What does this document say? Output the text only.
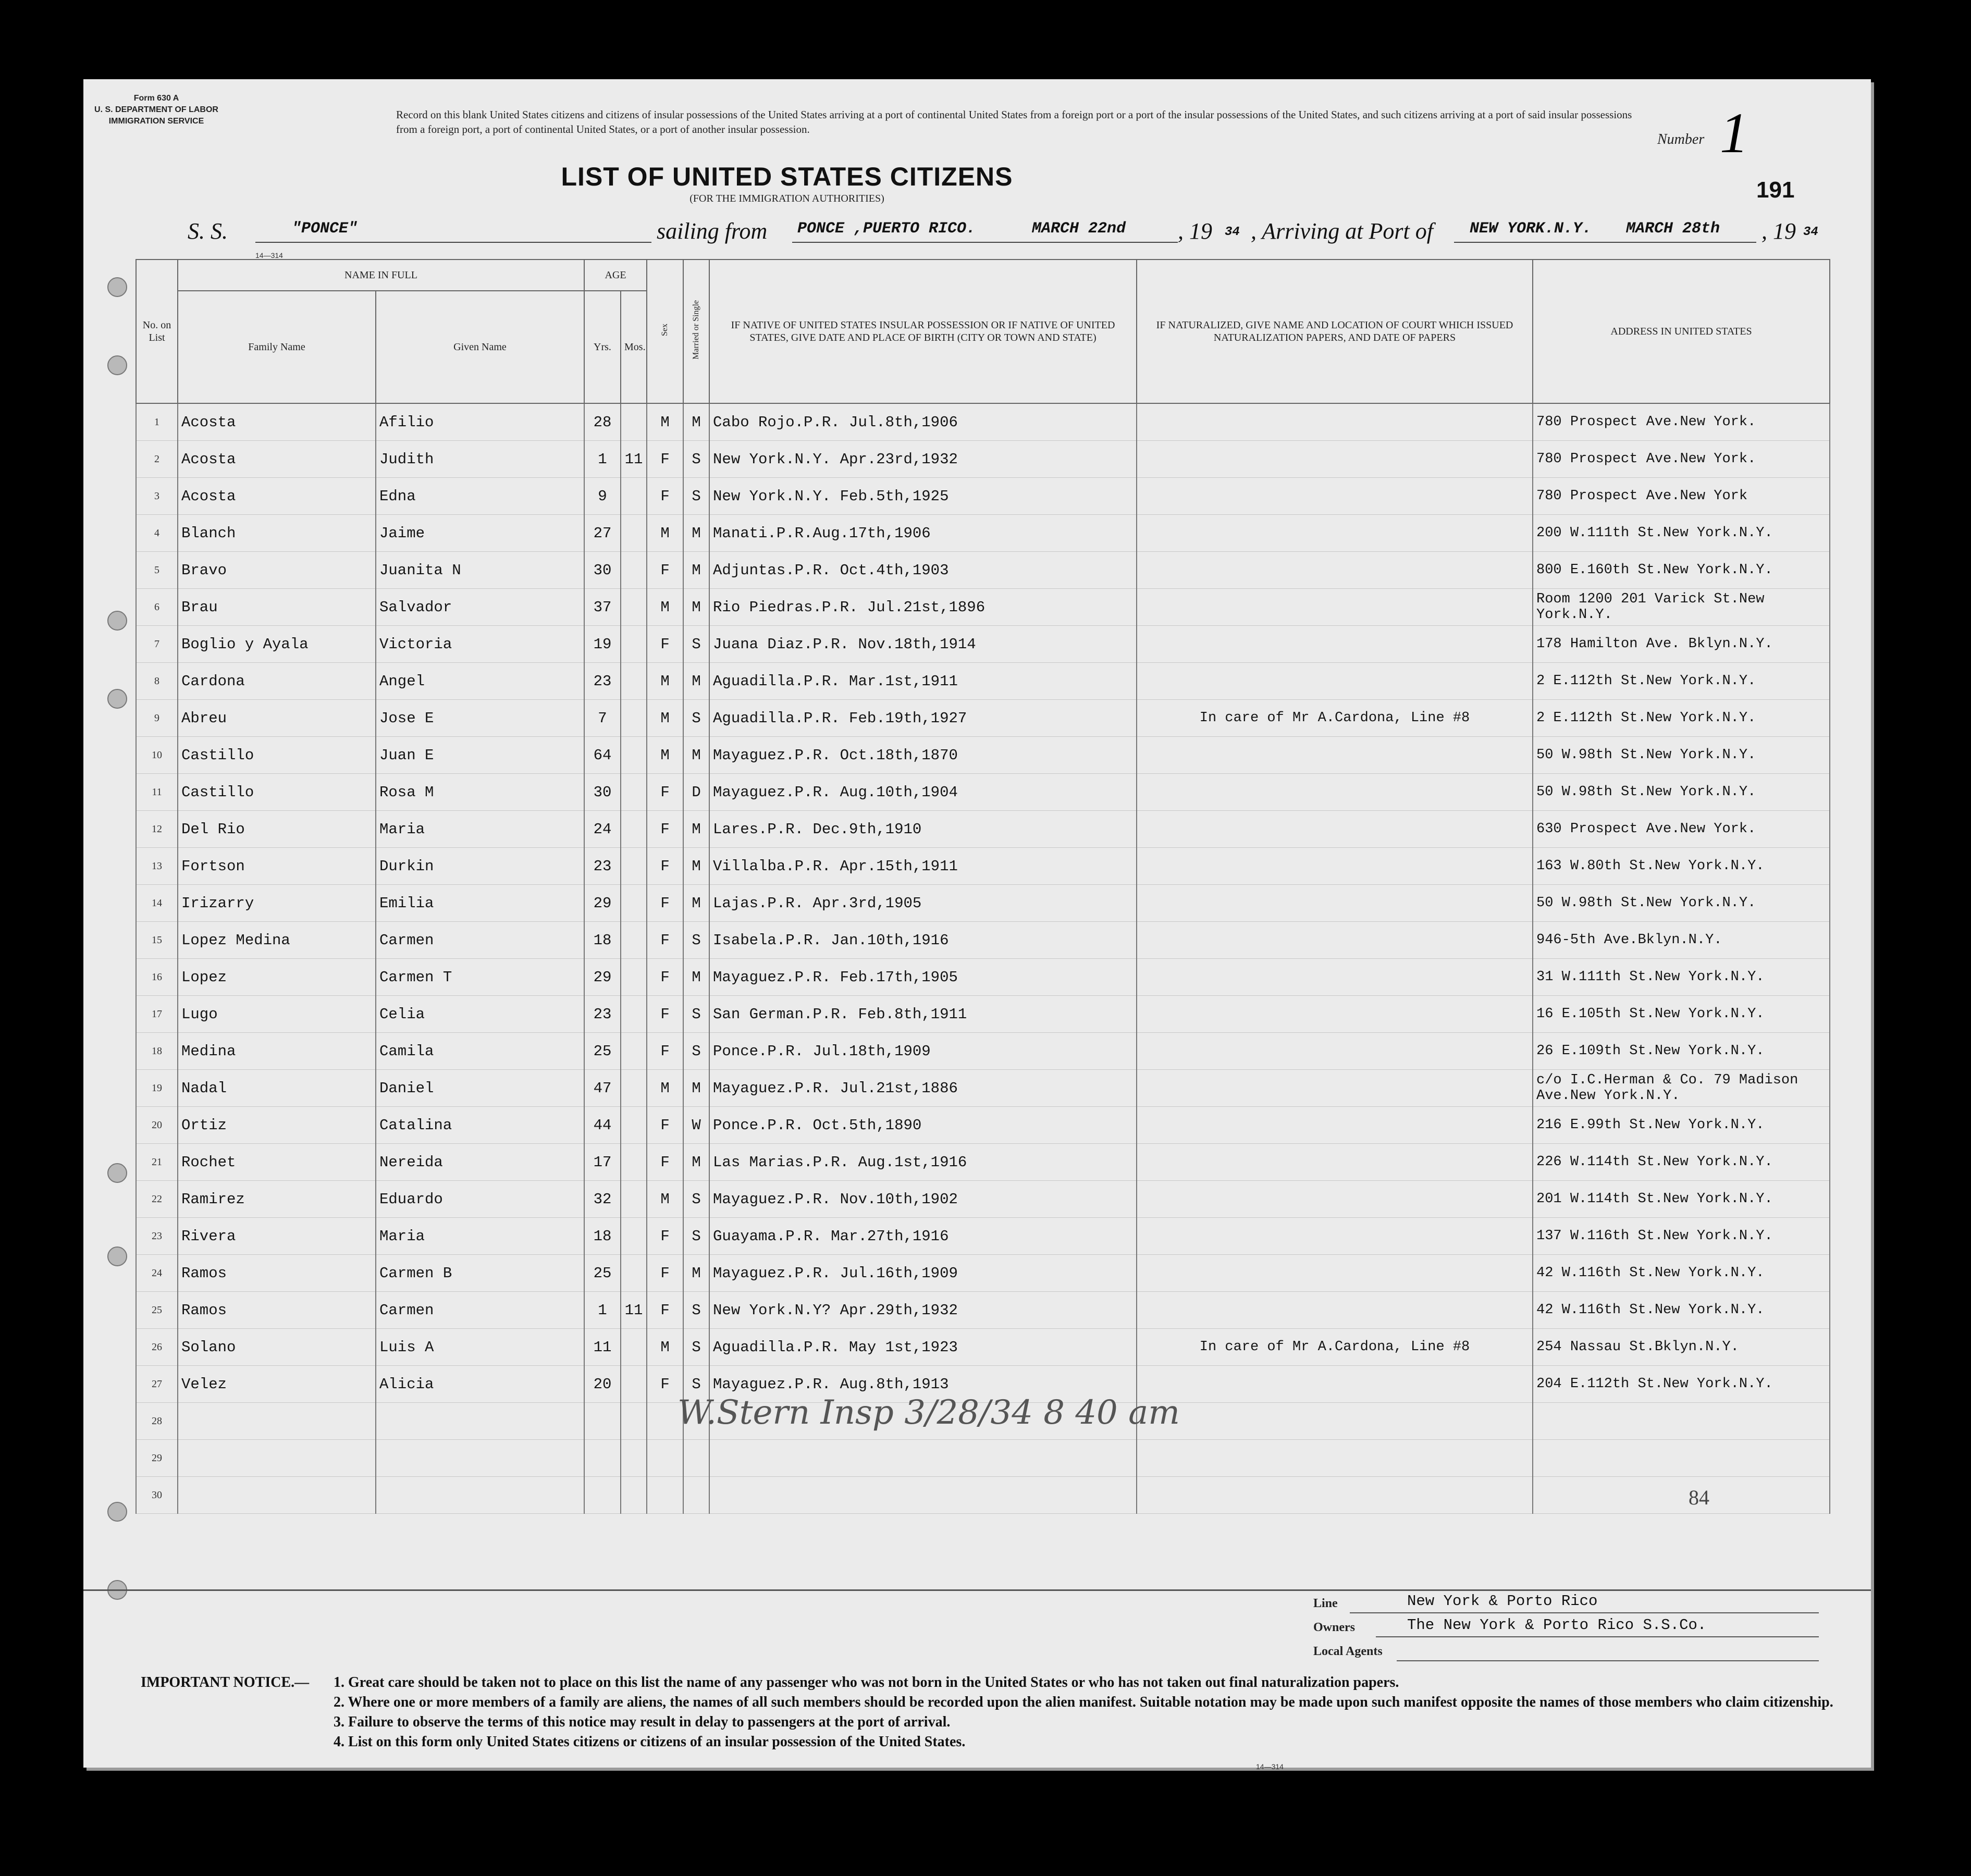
Form 630 A
U. S. DEPARTMENT OF LABOR
IMMIGRATION SERVICE
Record on this blank United States citizens and citizens of insular possessions of the United States arriving at a port of continental United States from a foreign port or a port of the insular possessions of the United States, and such citizens arriving at a port of said insular possessions from a foreign port, a port of continental United States, or a port of another insular possession.
LIST OF UNITED STATES CITIZENS
(FOR THE IMMIGRATION AUTHORITIES)
Number 1
191
S. S.	"PONCE"	sailing from PONCE ,PUERTO RICO.	MARCH 22nd , 19 34 , Arriving at Port of NEW YORK.N.Y. MARCH 28th , 19 34
14—314
No. on List	NAME IN FULL		AGE		Sex	Married or Single	IF NATIVE OF UNITED STATES INSULAR POSSESSION OR IF NATIVE OF UNITED STATES, GIVE DATE AND PLACE OF BIRTH (CITY OR TOWN AND STATE)	IF NATURALIZED, GIVE NAME AND LOCATION OF COURT WHICH ISSUED NATURALIZATION PAPERS, AND DATE OF PAPERS	ADDRESS IN UNITED STATES
	Family Name	Given Name	Yrs.	Mos.					
1	Acosta	Afilio	28		M	M	Cabo Rojo.P.R. Jul.8th,1906		780 Prospect Ave.New York.
2	Acosta	Judith	1	11	F	S	New York.N.Y. Apr.23rd,1932		780 Prospect Ave.New York.
3	Acosta	Edna	9		F	S	New York.N.Y. Feb.5th,1925		780 Prospect Ave.New York
4	Blanch	Jaime	27		M	M	Manati.P.R.Aug.17th,1906		200 W.111th St.New York.N.Y.
5	Bravo	Juanita N	30		F	M	Adjuntas.P.R. Oct.4th,1903		800 E.160th St.New York.N.Y.
6	Brau	Salvador	37		M	M	Rio Piedras.P.R. Jul.21st,1896		Room 1200 201 Varick St.New York.N.Y.
7	Boglio y Ayala	Victoria	19		F	S	Juana Diaz.P.R. Nov.18th,1914		178 Hamilton Ave. Bklyn.N.Y.
8	Cardona	Angel	23		M	M	Aguadilla.P.R. Mar.1st,1911		2 E.112th St.New York.N.Y.
9	Abreu	Jose E	7		M	S	Aguadilla.P.R. Feb.19th,1927	In care of Mr A.Cardona, Line #8	2 E.112th St.New York.N.Y.
10	Castillo	Juan E	64		M	M	Mayaguez.P.R. Oct.18th,1870		50 W.98th St.New York.N.Y.
11	Castillo	Rosa M	30		F	D	Mayaguez.P.R. Aug.10th,1904		50 W.98th St.New York.N.Y.
12	Del Rio	Maria	24		F	M	Lares.P.R. Dec.9th,1910		630 Prospect Ave.New York.
13	Fortson	Durkin	23		F	M	Villalba.P.R. Apr.15th,1911		163 W.80th St.New York.N.Y.
14	Irizarry	Emilia	29		F	M	Lajas.P.R. Apr.3rd,1905		50 W.98th St.New York.N.Y.
15	Lopez Medina	Carmen	18		F	S	Isabela.P.R. Jan.10th,1916		946-5th Ave.Bklyn.N.Y.
16	Lopez	Carmen T	29		F	M	Mayaguez.P.R. Feb.17th,1905		31 W.111th St.New York.N.Y.
17	Lugo	Celia	23		F	S	San German.P.R. Feb.8th,1911		16 E.105th St.New York.N.Y.
18	Medina	Camila	25		F	S	Ponce.P.R. Jul.18th,1909		26 E.109th St.New York.N.Y.
19	Nadal	Daniel	47		M	M	Mayaguez.P.R. Jul.21st,1886		c/o I.C.Herman & Co. 79 Madison Ave.New York.N.Y.
20	Ortiz	Catalina	44		F	W	Ponce.P.R. Oct.5th,1890		216 E.99th St.New York.N.Y.
21	Rochet	Nereida	17		F	M	Las Marias.P.R. Aug.1st,1916		226 W.114th St.New York.N.Y.
22	Ramirez	Eduardo	32		M	S	Mayaguez.P.R. Nov.10th,1902		201 W.114th St.New York.N.Y.
23	Rivera	Maria	18		F	S	Guayama.P.R. Mar.27th,1916		137 W.116th St.New York.N.Y.
24	Ramos	Carmen B	25		F	M	Mayaguez.P.R. Jul.16th,1909		42 W.116th St.New York.N.Y.
25	Ramos	Carmen	1	11	F	S	New York.N.Y? Apr.29th,1932		42 W.116th St.New York.N.Y.
26	Solano	Luis A	11		M	S	Aguadilla.P.R. May 1st,1923	In care of Mr A.Cardona, Line #8	254 Nassau St.Bklyn.N.Y.
27	Velez	Alicia	20		F	S	Mayaguez.P.R. Aug.8th,1913		204 E.112th St.New York.N.Y.
28									
29									
30									
W.Stern Insp 3/28/34 8 40 am
84
Line	New York & Porto Rico
Owners	The New York & Porto Rico S.S.Co.
Local Agents
IMPORTANT NOTICE.— 1. Great care should be taken not to place on this list the name of any passenger who was not born in the United States or who has not taken out final naturalization papers.
2. Where one or more members of a family are aliens, the names of all such members should be recorded upon the alien manifest. Suitable notation may be made upon such manifest opposite the names of those members who claim citizenship.
3. Failure to observe the terms of this notice may result in delay to passengers at the port of arrival.
4. List on this form only United States citizens or citizens of an insular possession of the United States.
14—314
